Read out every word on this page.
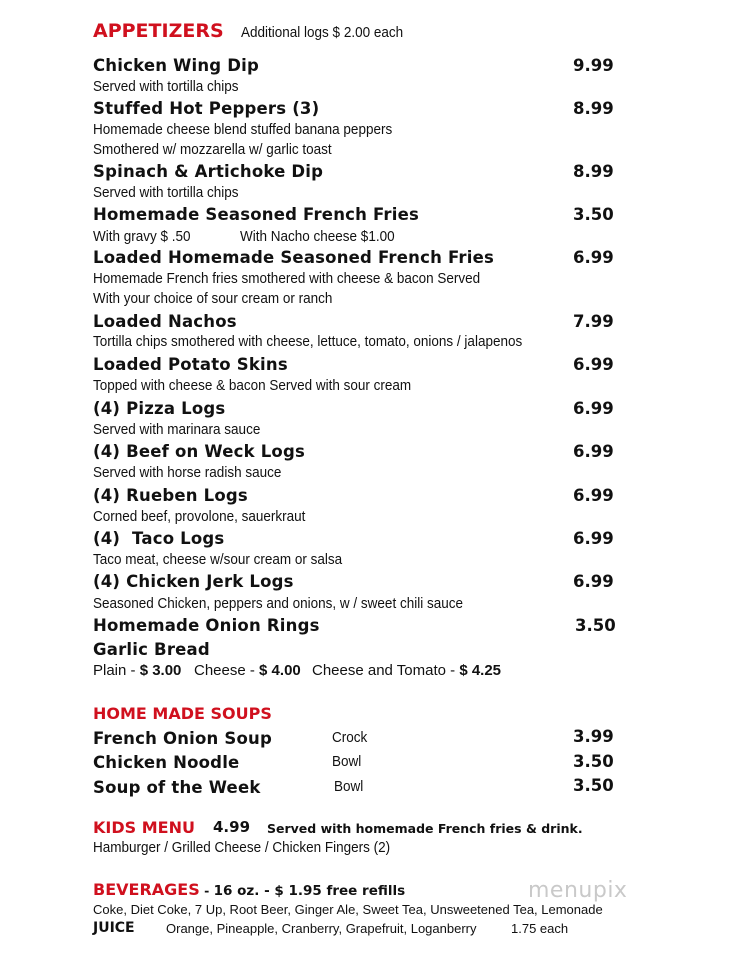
APPETIZERS Additional logs $ 2.00 each
Chicken Wing Dip	9.99
Served with tortilla chips
Stuffed Hot Peppers (3)	8.99
Homemade cheese blend stuffed banana peppers
Smothered w/ mozzarella w/ garlic toast
Spinach & Artichoke Dip	8.99
Served with tortilla chips
Homemade Seasoned French Fries	3.50
With gravy $ .50	With Nacho cheese $1.00
Loaded Homemade Seasoned French Fries	6.99
Homemade French fries smothered with cheese & bacon Served
With your choice of sour cream or ranch
Loaded Nachos	7.99
Tortilla chips smothered with cheese, lettuce, tomato, onions / jalapenos
Loaded Potato Skins	6.99
Topped with cheese & bacon Served with sour cream
(4) Pizza Logs	6.99
Served with marinara sauce
(4) Beef on Weck Logs	6.99
Served with horse radish sauce
(4) Rueben Logs	6.99
Corned beef, provolone, sauerkraut
(4)  Taco Logs	6.99
Taco meat, cheese w/sour cream or salsa
(4) Chicken Jerk Logs	6.99
Seasoned Chicken, peppers and onions, w / sweet chili sauce
Homemade Onion Rings	3.50
Garlic Bread
Plain - $ 3.00 Cheese - $ 4.00 Cheese and Tomato - $ 4.25
HOME MADE SOUPS
French Onion Soup	Crock	3.99
Chicken Noodle	Bowl	3.50
Soup of the Week	Bowl	3.50
KIDS MENU 4.99 Served with homemade French fries & drink.
Hamburger / Grilled Cheese / Chicken Fingers (2)
BEVERAGES - 16 oz. - $ 1.95 free refills
Coke, Diet Coke, 7 Up, Root Beer, Ginger Ale, Sweet Tea, Unsweetened Tea, Lemonade
JUICE Orange, Pineapple, Cranberry, Grapefruit, Loganberry	1.75 each
menupix
